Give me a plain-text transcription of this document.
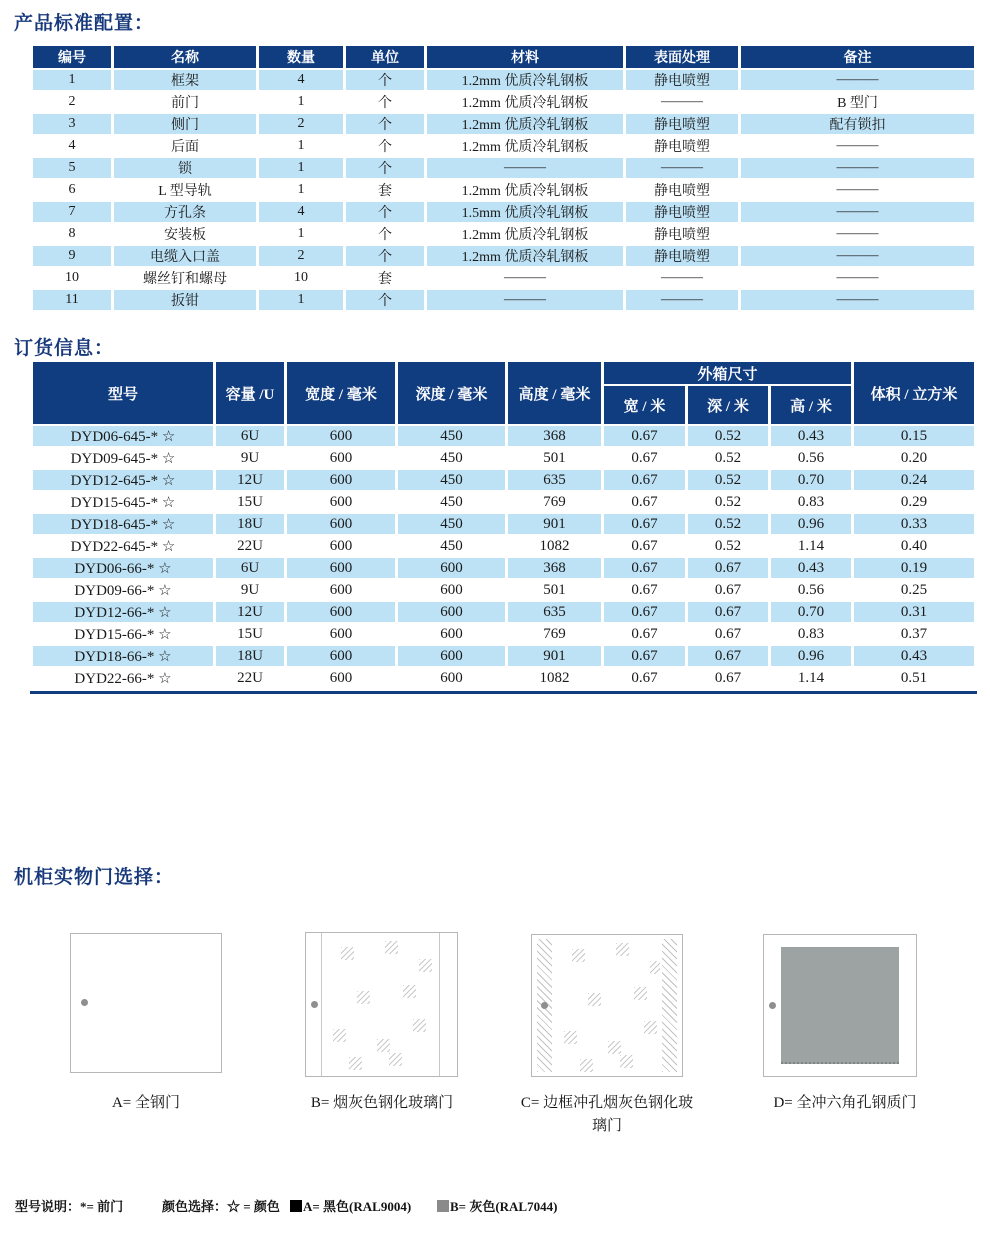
产品标准配置：
编号	名称	数量	单位	材料	表面处理	备注
1	框架	4	个	1.2mm 优质冷轧钢板	静电喷塑	———
2	前门	1	个	1.2mm 优质冷轧钢板	———	B 型门
3	侧门	2	个	1.2mm 优质冷轧钢板	静电喷塑	配有锁扣
4	后面	1	个	1.2mm 优质冷轧钢板	静电喷塑	———
5	锁	1	个	———	———	———
6	L 型导轨	1	套	1.2mm 优质冷轧钢板	静电喷塑	———
7	方孔条	4	个	1.5mm 优质冷轧钢板	静电喷塑	———
8	安装板	1	个	1.2mm 优质冷轧钢板	静电喷塑	———
9	电缆入口盖	2	个	1.2mm 优质冷轧钢板	静电喷塑	———
10	螺丝钉和螺母	10	套	———	———	———
11	扳钳	1	个	———	———	———
订货信息：
型号	容量 /U	宽度 / 毫米	深度 / 毫米	高度 / 毫米	外箱尺寸			体积 / 立方米
					宽 / 米	深 / 米	高 / 米	
DYD06-645-* ☆	6U	600	450	368	0.67	0.52	0.43	0.15
DYD09-645-* ☆	9U	600	450	501	0.67	0.52	0.56	0.20
DYD12-645-* ☆	12U	600	450	635	0.67	0.52	0.70	0.24
DYD15-645-* ☆	15U	600	450	769	0.67	0.52	0.83	0.29
DYD18-645-* ☆	18U	600	450	901	0.67	0.52	0.96	0.33
DYD22-645-* ☆	22U	600	450	1082	0.67	0.52	1.14	0.40
DYD06-66-* ☆	6U	600	600	368	0.67	0.67	0.43	0.19
DYD09-66-* ☆	9U	600	600	501	0.67	0.67	0.56	0.25
DYD12-66-* ☆	12U	600	600	635	0.67	0.67	0.70	0.31
DYD15-66-* ☆	15U	600	600	769	0.67	0.67	0.83	0.37
DYD18-66-* ☆	18U	600	600	901	0.67	0.67	0.96	0.43
DYD22-66-* ☆	22U	600	600	1082	0.67	0.67	1.14	0.51
机柜实物门选择：
A= 全钢门	B= 烟灰色钢化玻璃门	C= 边框冲孔烟灰色钢化玻璃门
D= 全冲六角孔钢质门
型号说明：*= 前门	颜色选择：☆ = 颜色	A= 黑色(RAL9004)	B= 灰色(RAL7044)
